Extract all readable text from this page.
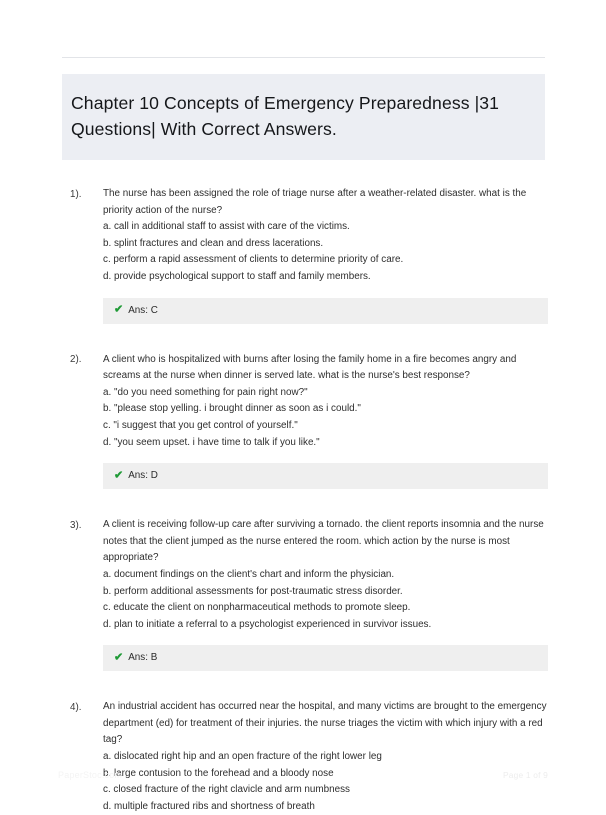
Chapter 10 Concepts of Emergency Preparedness |31 Questions| With Correct Answers.
1).	The nurse has been assigned the role of triage nurse after a weather-related disaster. what is the priority action of the nurse?

a. call in additional staff to assist with care of the victims.
b. splint fractures and clean and dress lacerations.
c. perform a rapid assessment of clients to determine priority of care.
d. provide psychological support to staff and family members.
✔ Ans: C
2).	A client who is hospitalized with burns after losing the family home in a fire becomes angry and screams at the nurse when dinner is served late. what is the nurse's best response?

a. "do you need something for pain right now?"
b. "please stop yelling. i brought dinner as soon as i could."
c. "i suggest that you get control of yourself."
d. "you seem upset. i have time to talk if you like."
✔ Ans: D
3).	A client is receiving follow-up care after surviving a tornado. the client reports insomnia and the nurse notes that the client jumped as the nurse entered the room. which action by the nurse is most appropriate?

a. document findings on the client's chart and inform the physician.
b. perform additional assessments for post-traumatic stress disorder.
c. educate the client on nonpharmaceutical methods to promote sleep.
d. plan to initiate a referral to a psychologist experienced in survivor issues.
✔ Ans: B
4).	An industrial accident has occurred near the hospital, and many victims are brought to the emergency department (ed) for treatment of their injuries. the nurse triages the victim with which injury with a red tag?

a. dislocated right hip and an open fracture of the right lower leg
b. large contusion to the forehead and a bloody nose
c. closed fracture of the right clavicle and arm numbness
d. multiple fractured ribs and shortness of breath
PaperStoc.com	Page 1 of 9
